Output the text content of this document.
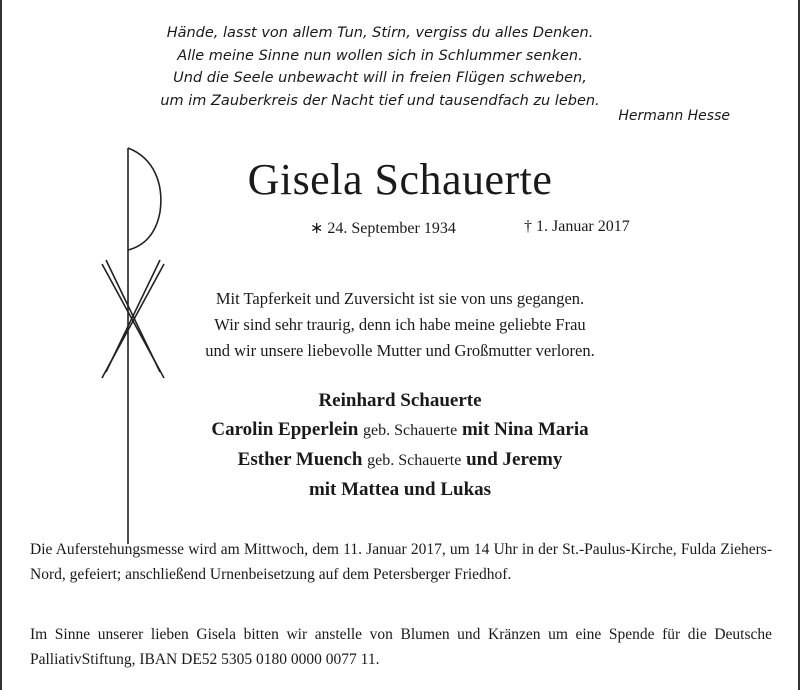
Hände, lasst von allem Tun, Stirn, vergiss du alles Denken.
Alle meine Sinne nun wollen sich in Schlummer senken.
Und die Seele unbewacht will in freien Flügen schweben,
um im Zauberkreis der Nacht tief und tausendfach zu leben.
Hermann Hesse
Gisela Schauerte
∗ 24. September 1934	† 1. Januar 2017
Mit Tapferkeit und Zuversicht ist sie von uns gegangen.
Wir sind sehr traurig, denn ich habe meine geliebte Frau
und wir unsere liebevolle Mutter und Großmutter verloren.
Reinhard Schauerte
Carolin Epperlein geb. Schauerte mit Nina Maria
Esther Muench geb. Schauerte und Jeremy
mit Mattea und Lukas
Die Auferstehungsmesse wird am Mittwoch, dem 11. Januar 2017, um 14 Uhr in der St.-Paulus-Kirche, Fulda Ziehers-Nord, gefeiert; anschließend Urnenbeisetzung auf dem Petersberger Friedhof.
Im Sinne unserer lieben Gisela bitten wir anstelle von Blumen und Kränzen um eine Spende für die Deutsche PalliativStiftung, IBAN DE52 5305 0180 0000 0077 11.
